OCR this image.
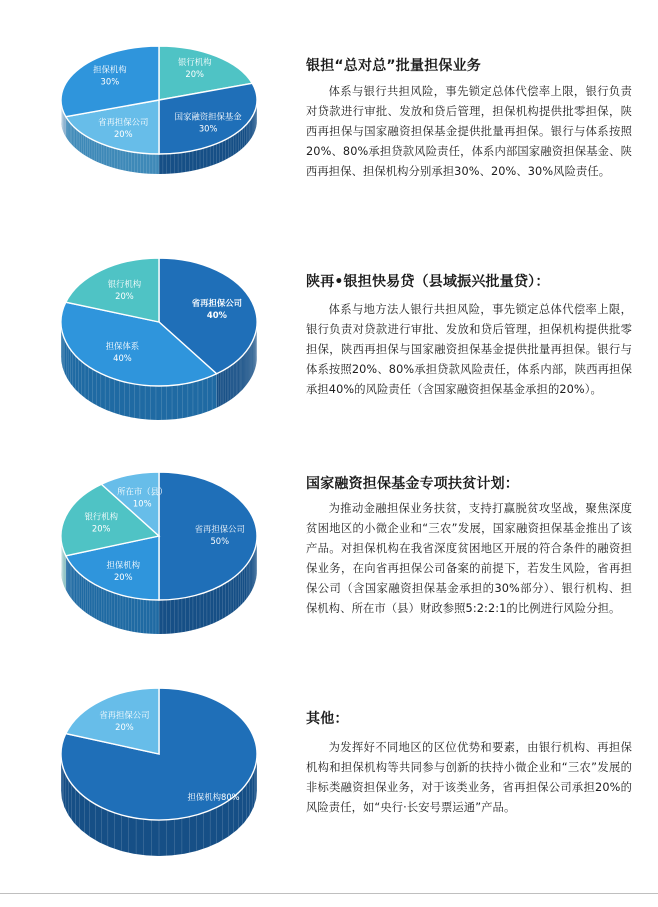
银行机构
20%
国家融资担保基金
30%
省再担保公司
20%
担保机构
30%
银担“总对总”批量担保业务
体系与银行共担风险，事先锁定总体代偿率上限，银行负责对贷款进行审批、发放和贷后管理，担保机构提供批零担保，陕西再担保与国家融资担保基金提供批量再担保。银行与体系按照20%、80%承担贷款风险责任，体系内部国家融资担保基金、陕西再担保、担保机构分别承担30%、20%、30%风险责任。
省再担保公司
40%
担保体系
40%
银行机构
20%
陕再•银担快易贷（县域振兴批量贷）：
体系与地方法人银行共担风险，事先锁定总体代偿率上限，银行负责对贷款进行审批、发放和贷后管理，担保机构提供批零担保，陕西再担保与国家融资担保基金提供批量再担保。银行与体系按照20%、80%承担贷款风险责任，体系内部，陕西再担保承担40%的风险责任（含国家融资担保基金承担的20%）。
省再担保公司
50%
担保机构
20%
银行机构
20%
所在市（县）
10%
国家融资担保基金专项扶贫计划：
为推动金融担保业务扶贫，支持打赢脱贫攻坚战，聚焦深度贫困地区的小微企业和“三农”发展，国家融资担保基金推出了该产品。对担保机构在我省深度贫困地区开展的符合条件的融资担保业务，在向省再担保公司备案的前提下，若发生风险，省再担保公司（含国家融资担保基金承担的30%部分）、银行机构、担保机构、所在市（县）财政参照5:2:2:1的比例进行风险分担。
担保机构80%
省再担保公司
20%	其他：
为发挥好不同地区的区位优势和要素，由银行机构、再担保机构和担保机构等共同参与创新的扶持小微企业和“三农”发展的非标类融资担保业务，对于该类业务，省再担保公司承担20%的风险责任，如“央行·长安号票运通”产品。
